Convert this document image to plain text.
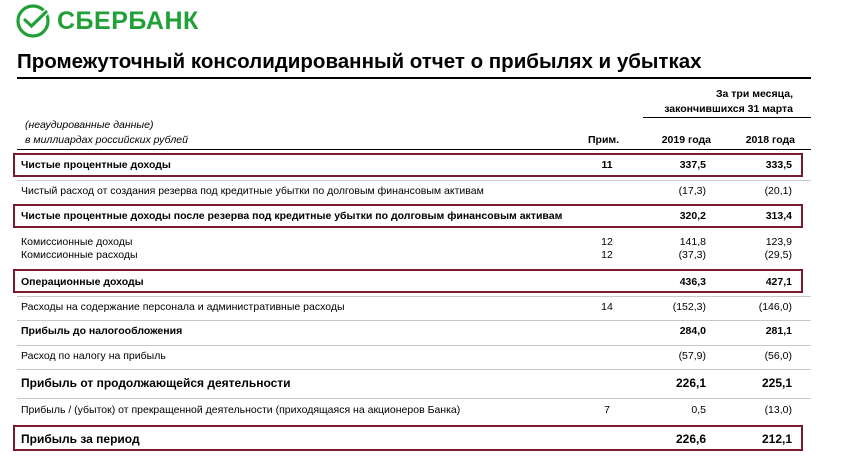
СБЕРБАНК
Промежуточный консолидированный отчет о прибылях и убытках
За три месяца,
закончившихся 31 марта
(неаудированные данные)
в миллиардах российских рублей	Прим.	2019 года	2018 года
Чистые процентные доходы	11	337,5	333,5
Чистый расход от создания резерва под кредитные убытки по долговым финансовым активам	(17,3)	(20,1)
Чистые процентные доходы после резерва под кредитные убытки по долговым финансовым активам	320,2	313,4
Комиссионные доходы	12	141,8	123,9
Комиссионные расходы	12	(37,3)	(29,5)
Операционные доходы	436,3	427,1
Расходы на содержание персонала и административные расходы	14	(152,3)	(146,0)
Прибыль до налогообложения	284,0	281,1
Расход по налогу на прибыль	(57,9)	(56,0)
Прибыль от продолжающейся деятельности	226,1	225,1
Прибыль / (убыток) от прекращенной деятельности (приходящаяся на акционеров Банка)	7	0,5	(13,0)
Прибыль за период	226,6	212,1
